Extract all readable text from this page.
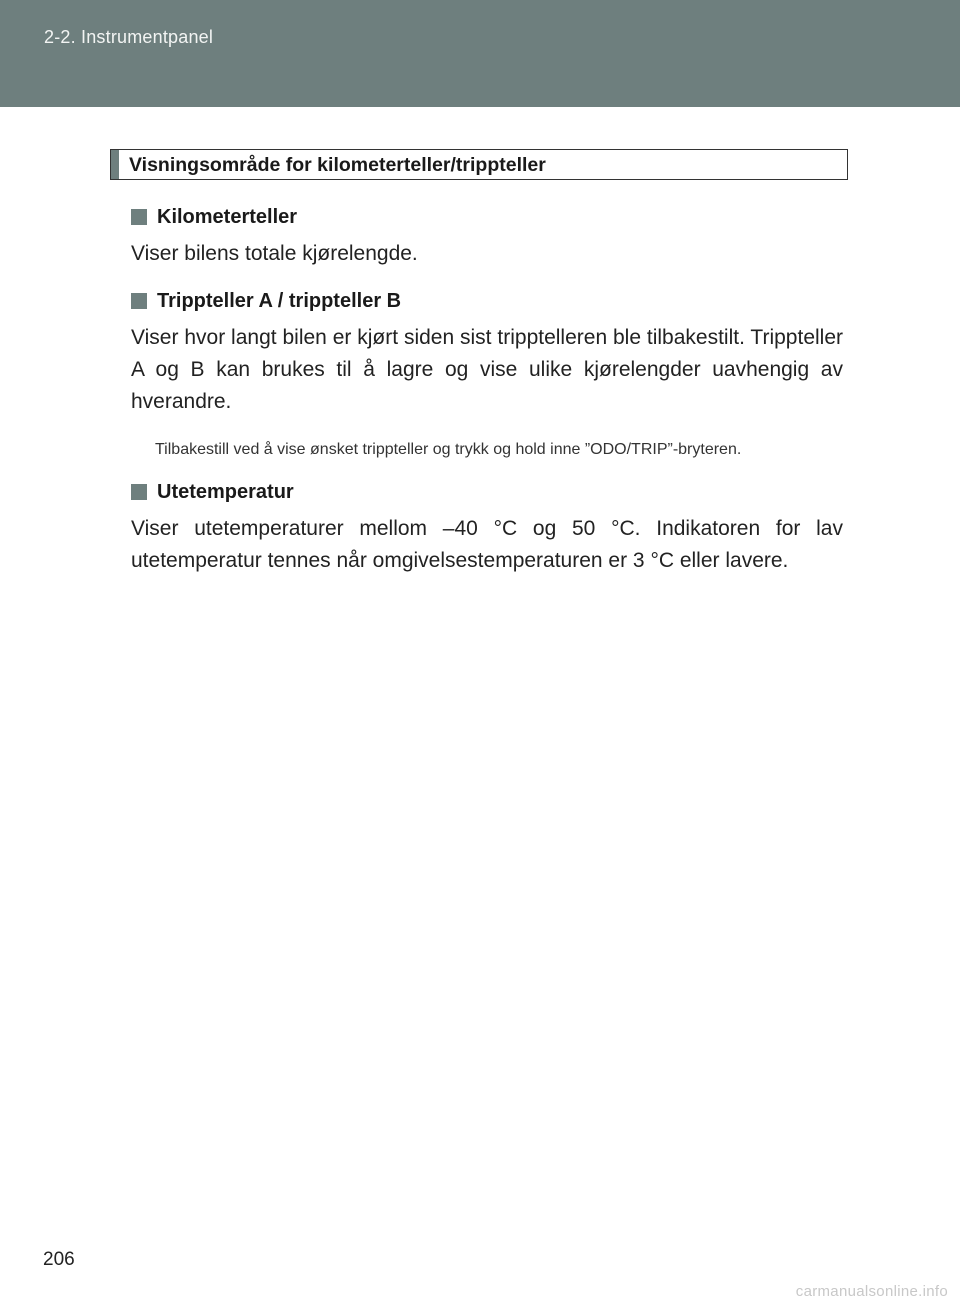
2-2. Instrumentpanel
Visningsområde for kilometerteller/trippteller
Kilometerteller

Viser bilens totale kjørelengde.

Trippteller A / trippteller B

Viser hvor langt bilen er kjørt siden sist tripptelleren ble tilbakestilt. Trippteller A og B kan brukes til å lagre og vise ulike kjørelengder uavhengig av hverandre.

Tilbakestill ved å vise ønsket trippteller og trykk og hold inne ”ODO/TRIP”-bryteren.

Utetemperatur

Viser utetemperaturer mellom –40 °C og 50 °C. Indikatoren for lav utetemperatur tennes når omgivelsestemperaturen er 3 °C eller lavere.

206
carmanualsonline.info
